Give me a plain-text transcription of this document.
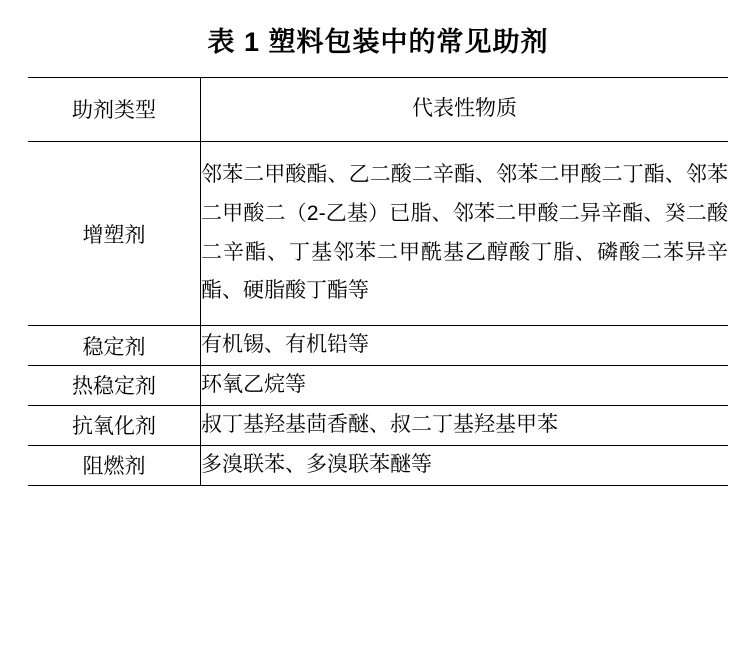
表 1 塑料包装中的常见助剂
助剂类型	代表性物质
增塑剂	邻苯二甲酸酯、乙二酸二辛酯、邻苯二甲酸二丁酯、邻苯二甲酸二（2-乙基）已脂、邻苯二甲酸二异辛酯、癸二酸二辛酯、丁基邻苯二甲酰基乙醇酸丁脂、磷酸二苯异辛酯、硬脂酸丁酯等
稳定剂	有机锡、有机铅等
热稳定剂	环氧乙烷等
抗氧化剂	叔丁基羟基茴香醚、叔二丁基羟基甲苯
阻燃剂	多溴联苯、多溴联苯醚等
